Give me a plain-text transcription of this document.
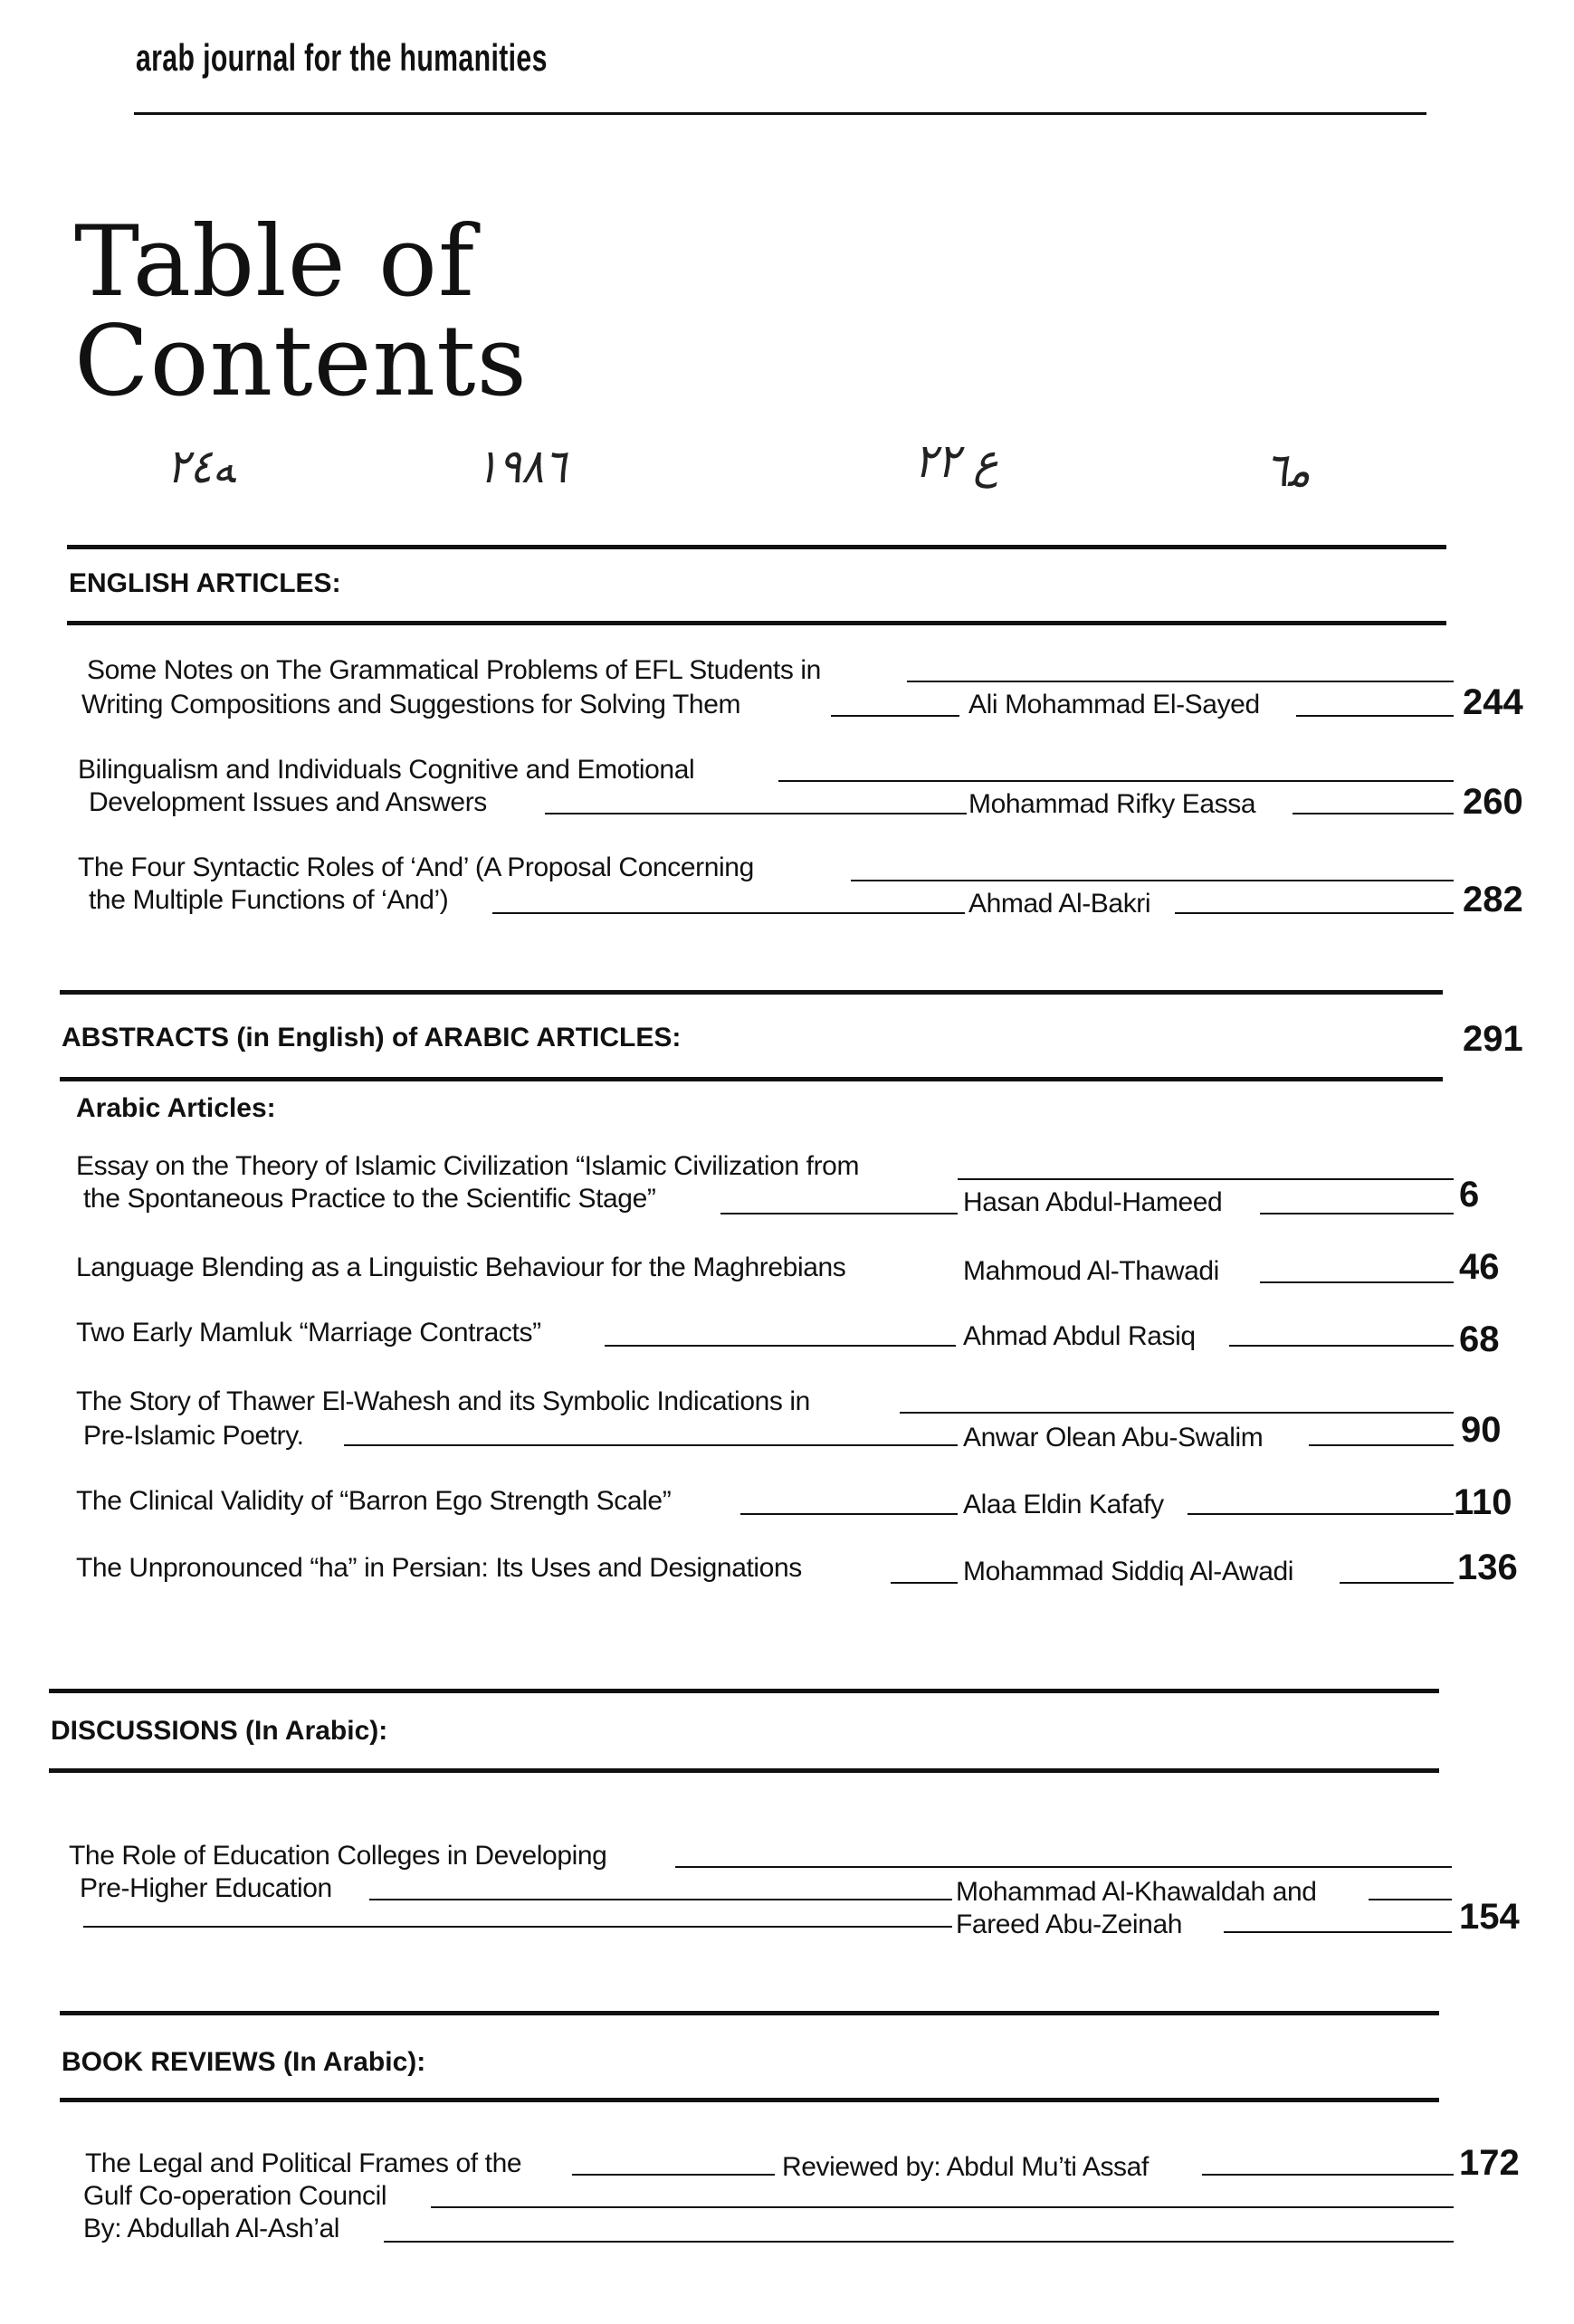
arab journal for the humanities
Table of
Contents
ﻪ٢٤	١٩٨٦	ع ٢٢	ﻣ٦
ENGLISH ARTICLES:
Some Notes on The Grammatical Problems of EFL Students in
Writing Compositions and Suggestions for Solving Them	Ali Mohammad El-Sayed	244
Bilingualism and Individuals Cognitive and Emotional
Development Issues and Answers	Mohammad Rifky Eassa	260
The Four Syntactic Roles of ‘And’ (A Proposal Concerning
the Multiple Functions of ‘And’)	Ahmad Al-Bakri	282
ABSTRACTS (in English) of ARABIC ARTICLES:	291
Arabic Articles:
Essay on the Theory of Islamic Civilization “Islamic Civilization from
the Spontaneous Practice to the Scientific Stage”	Hasan Abdul-Hameed	6
Language Blending as a Linguistic Behaviour for the Maghrebians	Mahmoud Al-Thawadi	46
Two Early Mamluk “Marriage Contracts”	Ahmad Abdul Rasiq	68
The Story of Thawer El-Wahesh and its Symbolic Indications in
Pre-Islamic Poetry.	Anwar Olean Abu-Swalim	90
The Clinical Validity of “Barron Ego Strength Scale”	Alaa Eldin Kafafy	110
The Unpronounced “ha” in Persian: Its Uses and Designations	Mohammad Siddiq Al-Awadi	136
DISCUSSIONS (In Arabic):
The Role of Education Colleges in Developing
Pre-Higher Education	Mohammad Al-Khawaldah and
Fareed Abu-Zeinah	154
BOOK REVIEWS (In Arabic):
The Legal and Political Frames of the	Reviewed by: Abdul Mu’ti Assaf	172
Gulf Co-operation Council
By: Abdullah Al-Ash’al
